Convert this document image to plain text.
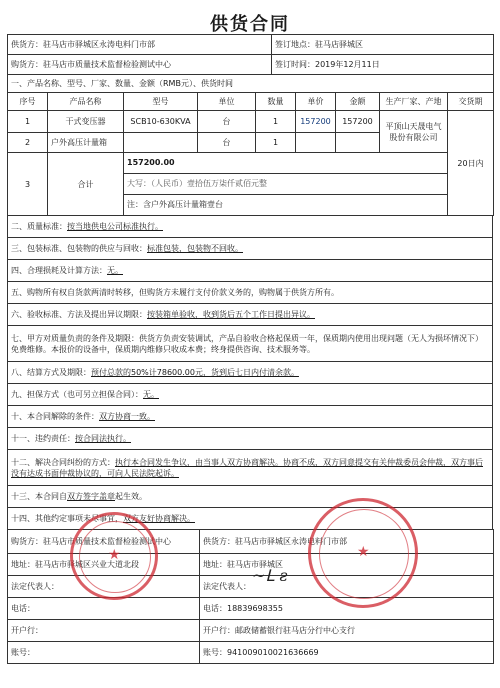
供货合同
供货方：驻马店市驿城区永涛电料门市部	签订地点：驻马店驿城区
购货方：驻马店市质量技术监督检验测试中心	签订时间：2019年12月11日
一、产品名称、型号、厂家、数量、金额（RMB元）、供货时间								
序号	产品名称	型号	单位	数量	单价	金额	生产厂家、产地	交货期
1	干式变压器	SCB10-630KVA	台	1	157200	157200	平顶山天晟电气股份有限公司	20日内
2	户外高压计量箱		台	1				
3	合计	157200.00
大写：（人民币）壹拾伍万柒仟贰佰元整
注：含户外高压计量箱壹台						
二、质量标准：按当地供电公司标准执行。
三、包装标准、包装物的供应与回收：标准包装，包装物不回收。
四、合理损耗及计算方法：无。
五、购物所有权自货款两清时转移，但购货方未履行支付价款义务的，购物属于供货方所有。
六、验收标准、方法及提出异议期限：按装箱单验收，收到货后五个工作日提出异议。
七、甲方对质量负责的条件及期限：供货方负责安装调试，产品自验收合格起保质一年，保质期内使用出现问题（无人为损坏情况下）免费维修。本报价的设备中，保质期内维修只收成本费；终身提供咨询、技术服务等。
八、结算方式及期限：预付总款的50%计78600.00元，货到后七日内付清余款。
九、担保方式（也可另立担保合同）：无。
十、本合同解除的条件：双方协商一致。
十一、违约责任：按合同法执行。
十二、解决合同纠纷的方式：执行本合同发生争议，由当事人双方协商解决。协商不成，双方同意提交有关仲裁委员会仲裁，双方事后没有达成书面仲裁协议的，可向人民法院起诉。
十三、本合同自双方签字盖章起生效。
十四、其他约定事项未尽事宜，双方友好协商解决。
购货方：驻马店市质量技术监督检验测试中心	供货方：驻马店市驿城区永涛电料门市部
地址：驻马店市驿城区兴业大道北段	地址：驻马店市驿城区
法定代表人：	法定代表人：
电话：	电话：18839698355
开户行：	开户行：邮政储蓄银行驻马店分行中心支行
账号：	账号：941009010021636669
★	★
~ᒪ ꙅ
